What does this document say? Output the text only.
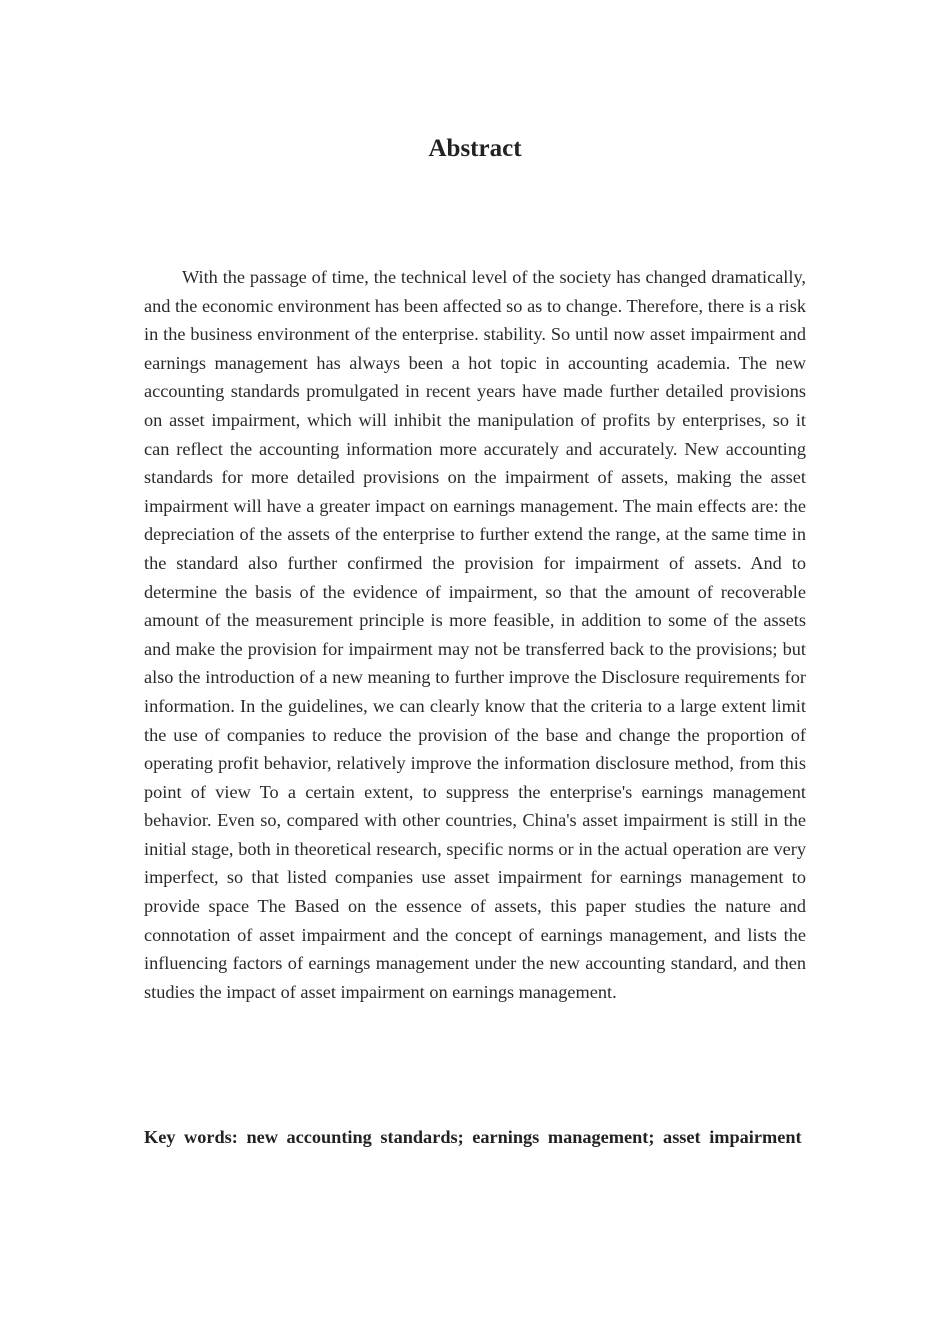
Abstract

With the passage of time, the technical level of the society has changed dramatically, and the economic environment has been affected so as to change. Therefore, there is a risk in the business environment of the enterprise. stability. So until now asset impairment and earnings management has always been a hot topic in accounting academia. The new accounting standards promulgated in recent years have made further detailed provisions on asset impairment, which will inhibit the manipulation of profits by enterprises, so it can reflect the accounting information more accurately and accurately. New accounting standards for more detailed provisions on the impairment of assets, making the asset impairment will have a greater impact on earnings management. The main effects are: the depreciation of the assets of the enterprise to further extend the range, at the same time in the standard also further confirmed the provision for impairment of assets. And to determine the basis of the evidence of impairment, so that the amount of recoverable amount of the measurement principle is more feasible, in addition to some of the assets and make the provision for impairment may not be transferred back to the provisions; but also the introduction of a new meaning to further improve the Disclosure requirements for information. In the guidelines, we can clearly know that the criteria to a large extent limit the use of companies to reduce the provision of the base and change the proportion of operating profit behavior, relatively improve the information disclosure method, from this point of view To a certain extent, to suppress the enterprise's earnings management behavior. Even so, compared with other countries, China's asset impairment is still in the initial stage, both in theoretical research, specific norms or in the actual operation are very imperfect, so that listed companies use asset impairment for earnings management to provide space The Based on the essence of assets, this paper studies the nature and connotation of asset impairment and the concept of earnings management, and lists the influencing factors of earnings management under the new accounting standard, and then studies the impact of asset impairment on earnings management.

Key words: new accounting standards; earnings management; asset impairment
